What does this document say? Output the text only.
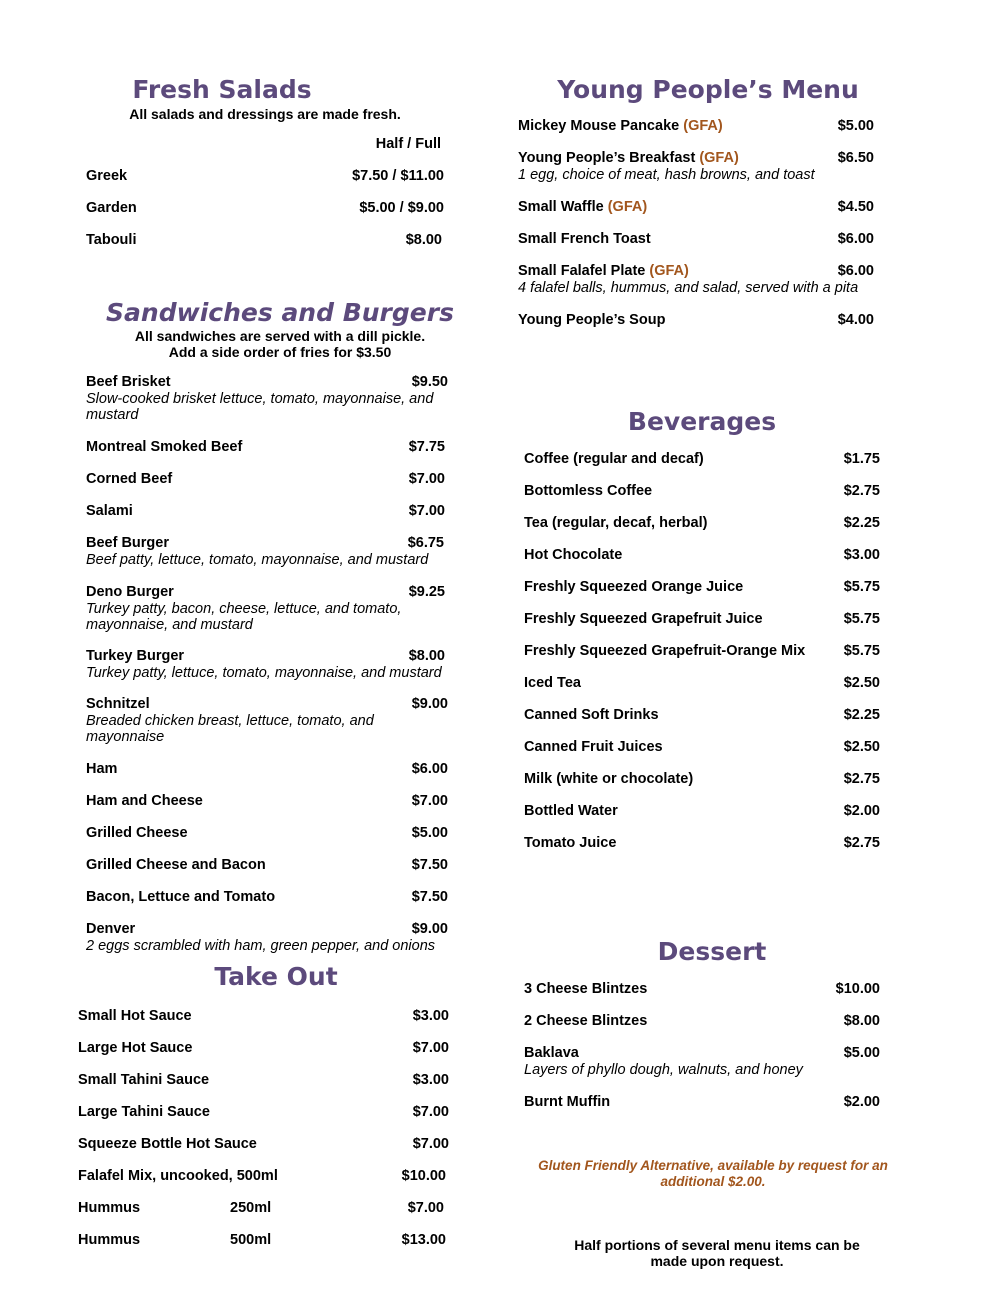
Fresh Salads
All salads and dressings are made fresh.
Half / Full
Greek	$7.50 / $11.00
Garden	$5.00 / $9.00
Tabouli	$8.00
Sandwiches and Burgers
All sandwiches are served with a dill pickle.
Add a side order of fries for $3.50
Beef Brisket	$9.50
Slow-cooked brisket lettuce, tomato, mayonnaise, and mustard
Montreal Smoked Beef	$7.75
Corned Beef	$7.00
Salami	$7.00
Beef Burger	$6.75
Beef patty, lettuce, tomato, mayonnaise, and mustard
Deno Burger	$9.25
Turkey patty, bacon, cheese, lettuce, and tomato, mayonnaise, and mustard
Turkey Burger	$8.00
Turkey patty, lettuce, tomato, mayonnaise, and mustard
Schnitzel	$9.00
Breaded chicken breast, lettuce, tomato, and mayonnaise
Ham	$6.00
Ham and Cheese	$7.00
Grilled Cheese	$5.00
Grilled Cheese and Bacon	$7.50
Bacon, Lettuce and Tomato	$7.50
Denver	$9.00
2 eggs scrambled with ham, green pepper, and onions
Take Out
Small Hot Sauce	$3.00
Large Hot Sauce	$7.00
Small Tahini Sauce	$3.00
Large Tahini Sauce	$7.00
Squeeze Bottle Hot Sauce	$7.00
Falafel Mix, uncooked, 500ml	$10.00
Hummus	250ml	$7.00
Hummus	500ml	$13.00
Young People’s Menu
Mickey Mouse Pancake (GFA)	$5.00
Young People’s Breakfast (GFA)	$6.50
1 egg, choice of meat, hash browns, and toast
Small Waffle (GFA)	$4.50
Small French Toast	$6.00
Small Falafel Plate (GFA)	$6.00
4 falafel balls, hummus, and salad, served with a pita
Young People’s Soup	$4.00
Beverages
Coffee (regular and decaf)	$1.75
Bottomless Coffee	$2.75
Tea (regular, decaf, herbal)	$2.25
Hot Chocolate	$3.00
Freshly Squeezed Orange Juice	$5.75
Freshly Squeezed Grapefruit Juice	$5.75
Freshly Squeezed Grapefruit-Orange Mix	$5.75
Iced Tea	$2.50
Canned Soft Drinks	$2.25
Canned Fruit Juices	$2.50
Milk (white or chocolate)	$2.75
Bottled Water	$2.00
Tomato Juice	$2.75
Dessert
3 Cheese Blintzes	$10.00
2 Cheese Blintzes	$8.00
Baklava	$5.00
Layers of phyllo dough, walnuts, and honey
Burnt Muffin	$2.00
Gluten Friendly Alternative, available by request for an
additional $2.00.
Half portions of several menu items can be
made upon request.
